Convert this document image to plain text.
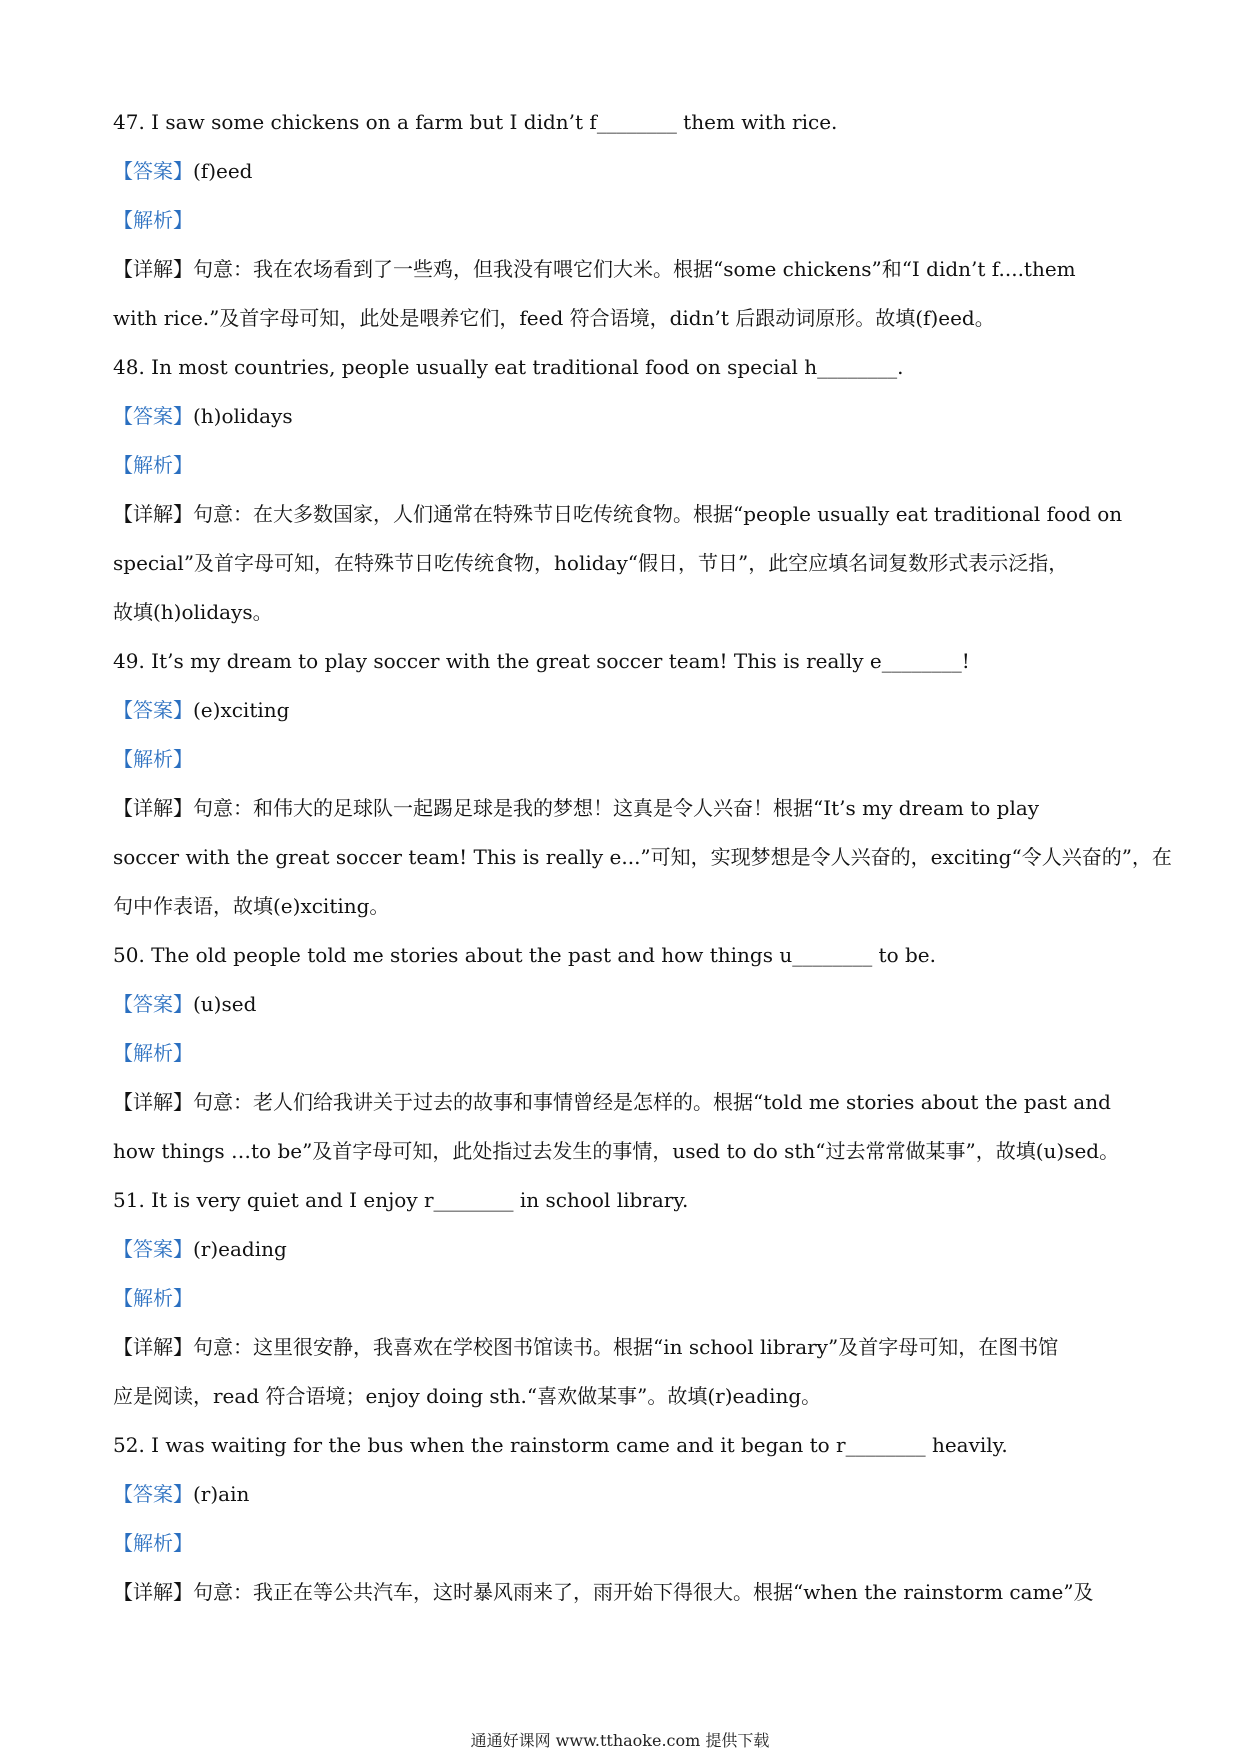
47. I saw some chickens on a farm but I didn’t f________ them with rice.
【答案】(f)eed
【解析】
【详解】句意：我在农场看到了一些鸡，但我没有喂它们大米。根据“some chickens”和“I didn’t f....them
with rice.”及首字母可知，此处是喂养它们，feed 符合语境，didn’t 后跟动词原形。故填(f)eed。
48. In most countries, people usually eat traditional food on special h________.
【答案】(h)olidays
【解析】
【详解】句意：在大多数国家，人们通常在特殊节日吃传统食物。根据“people usually eat traditional food on
special”及首字母可知，在特殊节日吃传统食物，holiday“假日，节日”，此空应填名词复数形式表示泛指，
故填(h)olidays。
49. It’s my dream to play soccer with the great soccer team! This is really e________!
【答案】(e)xciting
【解析】
【详解】句意：和伟大的足球队一起踢足球是我的梦想！这真是令人兴奋！根据“It’s my dream to play
soccer with the great soccer team! This is really e...”可知，实现梦想是令人兴奋的，exciting“令人兴奋的”，在
句中作表语，故填(e)xciting。
50. The old people told me stories about the past and how things u________ to be.
【答案】(u)sed
【解析】
【详解】句意：老人们给我讲关于过去的故事和事情曾经是怎样的。根据“told me stories about the past and
how things …to be”及首字母可知，此处指过去发生的事情，used to do sth“过去常常做某事”，故填(u)sed。
51. It is very quiet and I enjoy r________ in school library.
【答案】(r)eading
【解析】
【详解】句意：这里很安静，我喜欢在学校图书馆读书。根据“in school library”及首字母可知，在图书馆
应是阅读，read 符合语境；enjoy doing sth.“喜欢做某事”。故填(r)eading。
52. I was waiting for the bus when the rainstorm came and it began to r________ heavily.
【答案】(r)ain
【解析】
【详解】句意：我正在等公共汽车，这时暴风雨来了，雨开始下得很大。根据“when the rainstorm came”及
通通好课网 www.tthaoke.com 提供下载
